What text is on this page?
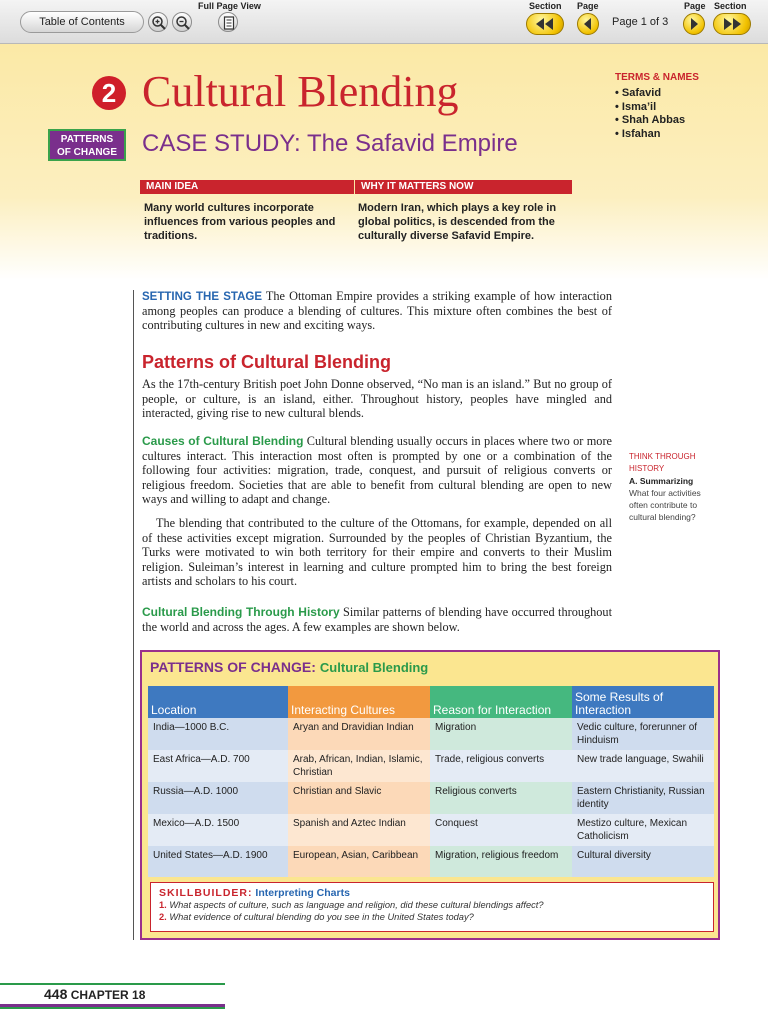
Table of Contents
Full Page View	Section Page	Page Section
Page 1 of 3
2 Cultural Blending
PATTERNS
OF CHANGE CASE STUDY: The Safavid Empire
TERMS & NAMES
• Safavid
• Isma’il
• Shah Abbas
• Isfahan
MAIN IDEA	WHY IT MATTERS NOW
Many world cultures incorporate influences from various peoples and traditions.
Modern Iran, which plays a key role in global politics, is descended from the culturally diverse Safavid Empire.
SETTING THE STAGE The Ottoman Empire provides a striking example of how interaction among peoples can produce a blending of cultures. This mixture often combines the best of contributing cultures in new and exciting ways.
Patterns of Cultural Blending
As the 17th-century British poet John Donne observed, “No man is an island.” But no group of people, or culture, is an island, either. Throughout history, peoples have mingled and interacted, giving rise to new cultural blends.
Causes of Cultural Blending Cultural blending usually occurs in places where two or more cultures interact. This interaction most often is prompted by one or a combination of the following four activities: migration, trade, conquest, and pursuit of religious converts or religious freedom. Societies that are able to benefit from cultural blending are open to new ways and willing to adapt and change.
The blending that contributed to the culture of the Ottomans, for example, depended on all of these activities except migration. Surrounded by the peoples of Christian Byzantium, the Turks were motivated to win both territory for their empire and converts to their Muslim religion. Suleiman’s interest in learning and culture prompted him to bring the best foreign artists and scholars to his court.
Cultural Blending Through History Similar patterns of blending have occurred throughout the world and across the ages. A few examples are shown below.
THINK THROUGH HISTORY
A. Summarizing
What four activities often contribute to cultural blending?
PATTERNS OF CHANGE: Cultural Blending
Location	Interacting Cultures	Reason for Interaction	Some Results of Interaction
India—1000 B.C.	Aryan and Dravidian Indian	Migration	Vedic culture, forerunner of Hinduism
East Africa—A.D. 700	Arab, African, Indian, Islamic, Christian	Trade, religious converts	New trade language, Swahili
Russia—A.D. 1000	Christian and Slavic	Religious converts	Eastern Christianity, Russian identity
Mexico—A.D. 1500	Spanish and Aztec Indian	Conquest	Mestizo culture, Mexican Catholicism
United States—A.D. 1900	European, Asian, Caribbean	Migration, religious freedom	Cultural diversity
SKILLBUILDER: Interpreting Charts
1. What aspects of culture, such as language and religion, did these cultural blendings affect?
2. What evidence of cultural blending do you see in the United States today?
448 CHAPTER 18
